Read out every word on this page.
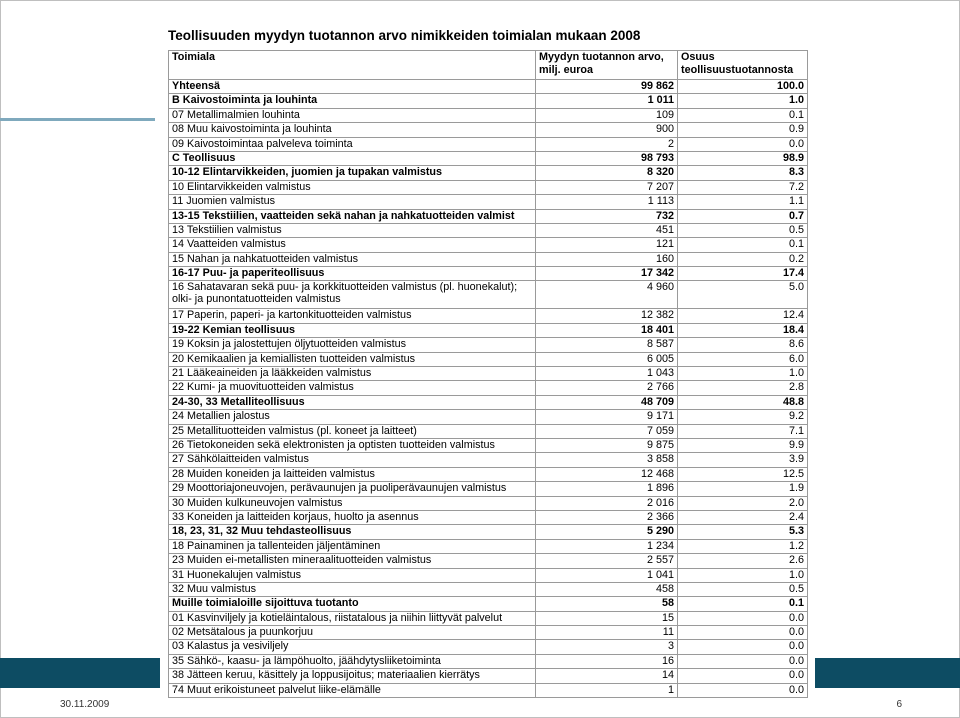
Teollisuuden myydyn tuotannon arvo nimikkeiden toimialan mukaan 2008
Toimiala	Myydyn tuotannon arvo, milj. euroa	Osuus teollisuustuotannosta
Yhteensä	99 862	100.0
B Kaivostoiminta ja louhinta	1 011	1.0
07 Metallimalmien louhinta	109	0.1
08 Muu kaivostoiminta ja louhinta	900	0.9
09 Kaivostoimintaa palveleva toiminta	2	0.0
C Teollisuus	98 793	98.9
10-12 Elintarvikkeiden, juomien ja tupakan valmistus	8 320	8.3
10 Elintarvikkeiden valmistus	7 207	7.2
11 Juomien valmistus	1 113	1.1
13-15 Tekstiilien, vaatteiden sekä nahan ja nahkatuotteiden valmist	732	0.7
13 Tekstiilien valmistus	451	0.5
14 Vaatteiden valmistus	121	0.1
15 Nahan ja nahkatuotteiden valmistus	160	0.2
16-17 Puu- ja paperiteollisuus	17 342	17.4
16 Sahatavaran sekä puu- ja korkkituotteiden valmistus (pl. huonekalut); olki- ja punontatuotteiden valmistus	4 960	5.0
17 Paperin, paperi- ja kartonkituotteiden valmistus	12 382	12.4
19-22 Kemian teollisuus	18 401	18.4
19 Koksin ja jalostettujen öljytuotteiden valmistus	8 587	8.6
20 Kemikaalien ja kemiallisten tuotteiden valmistus	6 005	6.0
21 Lääkeaineiden ja lääkkeiden valmistus	1 043	1.0
22 Kumi- ja muovituotteiden valmistus	2 766	2.8
24-30, 33 Metalliteollisuus	48 709	48.8
24 Metallien jalostus	9 171	9.2
25 Metallituotteiden valmistus (pl. koneet ja laitteet)	7 059	7.1
26 Tietokoneiden sekä elektronisten ja optisten tuotteiden valmistus	9 875	9.9
27 Sähkölaitteiden valmistus	3 858	3.9
28 Muiden koneiden ja laitteiden valmistus	12 468	12.5
29 Moottoriajoneuvojen, perävaunujen ja puoliperävaunujen valmistus	1 896	1.9
30 Muiden kulkuneuvojen valmistus	2 016	2.0
33 Koneiden ja laitteiden korjaus, huolto ja asennus	2 366	2.4
18, 23, 31, 32 Muu tehdasteollisuus	5 290	5.3
18 Painaminen ja tallenteiden jäljentäminen	1 234	1.2
23 Muiden ei-metallisten mineraalituotteiden valmistus	2 557	2.6
31 Huonekalujen valmistus	1 041	1.0
32 Muu valmistus	458	0.5
Muille toimialoille sijoittuva tuotanto	58	0.1
01 Kasvinviljely ja kotieläintalous, riistatalous ja niihin liittyvät palvelut	15	0.0
02 Metsätalous ja puunkorjuu	11	0.0
03 Kalastus ja vesiviljely	3	0.0
35 Sähkö-, kaasu- ja lämpöhuolto, jäähdytysliiketoiminta	16	0.0
38 Jätteen keruu, käsittely ja loppusijoitus; materiaalien kierrätys	14	0.0
74 Muut erikoistuneet palvelut liike-elämälle	1	0.0
30.11.2009	6
